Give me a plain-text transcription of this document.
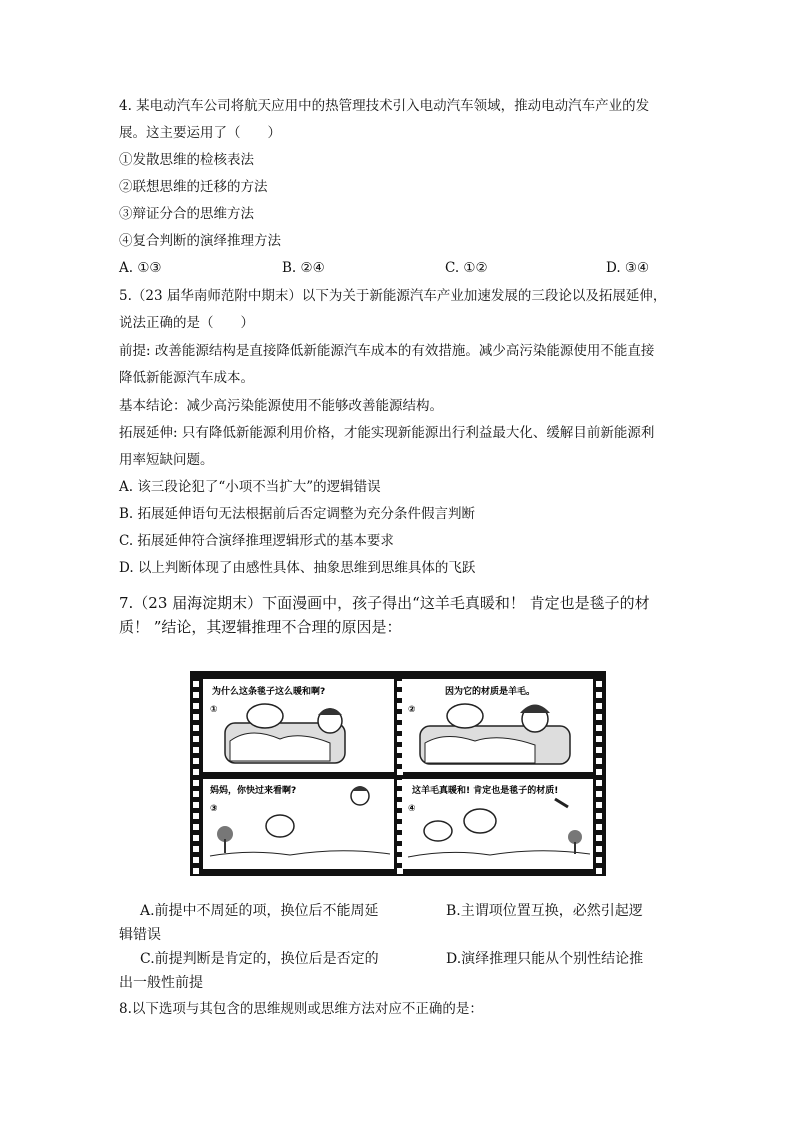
4. 某电动汽车公司将航天应用中的热管理技术引入电动汽车领域，推动电动汽车产业的发
展。这主要运用了（　　）
①发散思维的检核表法
②联想思维的迁移的方法
③辩证分合的思维方法
④复合判断的演绎推理方法
A. ①③	B. ②④	C. ①②	D. ③④
5.（23 届华南师范附中期末）以下为关于新能源汽车产业加速发展的三段论以及拓展延伸，
说法正确的是（　　）
前提: 改善能源结构是直接降低新能源汽车成本的有效措施。减少高污染能源使用不能直接
降低新能源汽车成本。
基本结论：减少高污染能源使用不能够改善能源结构。
拓展延伸: 只有降低新能源利用价格，才能实现新能源出行利益最大化、缓解目前新能源利
用率短缺问题。
A. 该三段论犯了“小项不当扩大”的逻辑错误
B. 拓展延伸语句无法根据前后否定调整为充分条件假言判断
C. 拓展延伸符合演绎推理逻辑形式的基本要求
D. 以上判断体现了由感性具体、抽象思维到思维具体的飞跃
7.（23 届海淀期末）下面漫画中，孩子得出“这羊毛真暖和！ 肯定也是毯子的材
质！ ”结论，其逻辑推理不合理的原因是：
为什么这条毯子这么暖和啊?
①
因为它的材质是羊毛。
②
妈妈，你快过来看啊?
③
这羊毛真暖和! 肯定也是毯子的材质!
④
A.前提中不周延的项，换位后不能周延	B.主谓项位置互换，必然引起逻
辑错误
C.前提判断是肯定的，换位后是否定的	D.演绎推理只能从个别性结论推
出一般性前提
8.以下选项与其包含的思维规则或思维方法对应不正确的是：
